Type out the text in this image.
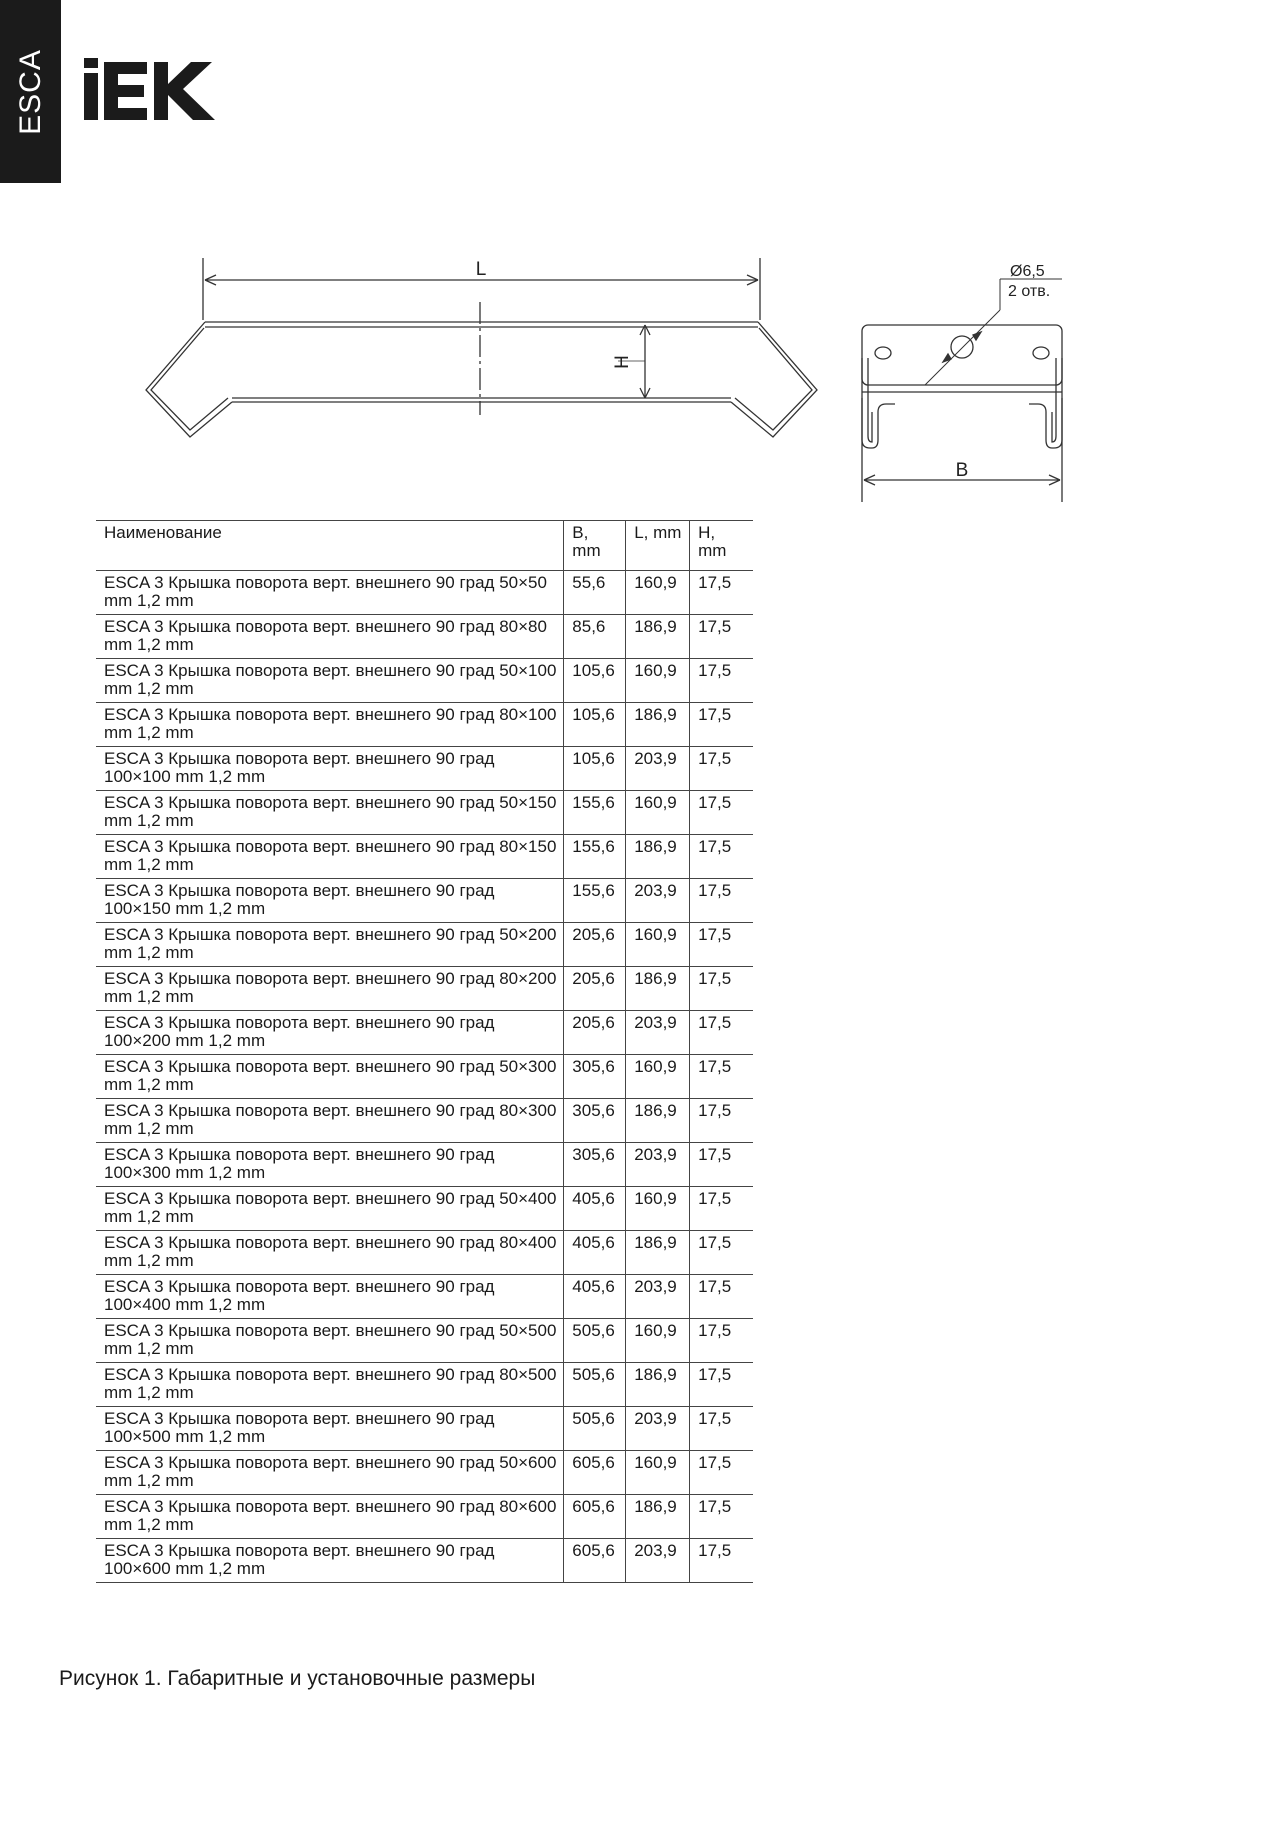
ESCA
L
H
Ø6,5
2 отв.
B
Наименование	B, mm	L, mm	H, mm
ESCA 3 Крышка поворота верт. внешнего 90 град 50×50 mm 1,2 mm	55,6	160,9	17,5
ESCA 3 Крышка поворота верт. внешнего 90 град 80×80 mm 1,2 mm	85,6	186,9	17,5
ESCA 3 Крышка поворота верт. внешнего 90 град 50×100 mm 1,2 mm	105,6	160,9	17,5
ESCA 3 Крышка поворота верт. внешнего 90 град 80×100 mm 1,2 mm	105,6	186,9	17,5
ESCA 3 Крышка поворота верт. внешнего 90 град 100×100 mm 1,2 mm	105,6	203,9	17,5
ESCA 3 Крышка поворота верт. внешнего 90 град 50×150 mm 1,2 mm	155,6	160,9	17,5
ESCA 3 Крышка поворота верт. внешнего 90 град 80×150 mm 1,2 mm	155,6	186,9	17,5
ESCA 3 Крышка поворота верт. внешнего 90 град 100×150 mm 1,2 mm	155,6	203,9	17,5
ESCA 3 Крышка поворота верт. внешнего 90 град 50×200 mm 1,2 mm	205,6	160,9	17,5
ESCA 3 Крышка поворота верт. внешнего 90 град 80×200 mm 1,2 mm	205,6	186,9	17,5
ESCA 3 Крышка поворота верт. внешнего 90 град 100×200 mm 1,2 mm	205,6	203,9	17,5
ESCA 3 Крышка поворота верт. внешнего 90 град 50×300 mm 1,2 mm	305,6	160,9	17,5
ESCA 3 Крышка поворота верт. внешнего 90 град 80×300 mm 1,2 mm	305,6	186,9	17,5
ESCA 3 Крышка поворота верт. внешнего 90 град 100×300 mm 1,2 mm	305,6	203,9	17,5
ESCA 3 Крышка поворота верт. внешнего 90 град 50×400 mm 1,2 mm	405,6	160,9	17,5
ESCA 3 Крышка поворота верт. внешнего 90 град 80×400 mm 1,2 mm	405,6	186,9	17,5
ESCA 3 Крышка поворота верт. внешнего 90 град 100×400 mm 1,2 mm	405,6	203,9	17,5
ESCA 3 Крышка поворота верт. внешнего 90 град 50×500 mm 1,2 mm	505,6	160,9	17,5
ESCA 3 Крышка поворота верт. внешнего 90 град 80×500 mm 1,2 mm	505,6	186,9	17,5
ESCA 3 Крышка поворота верт. внешнего 90 град 100×500 mm 1,2 mm	505,6	203,9	17,5
ESCA 3 Крышка поворота верт. внешнего 90 град 50×600 mm 1,2 mm	605,6	160,9	17,5
ESCA 3 Крышка поворота верт. внешнего 90 град 80×600 mm 1,2 mm	605,6	186,9	17,5
ESCA 3 Крышка поворота верт. внешнего 90 град 100×600 mm 1,2 mm	605,6	203,9	17,5
Рисунок 1. Габаритные и установочные размеры
